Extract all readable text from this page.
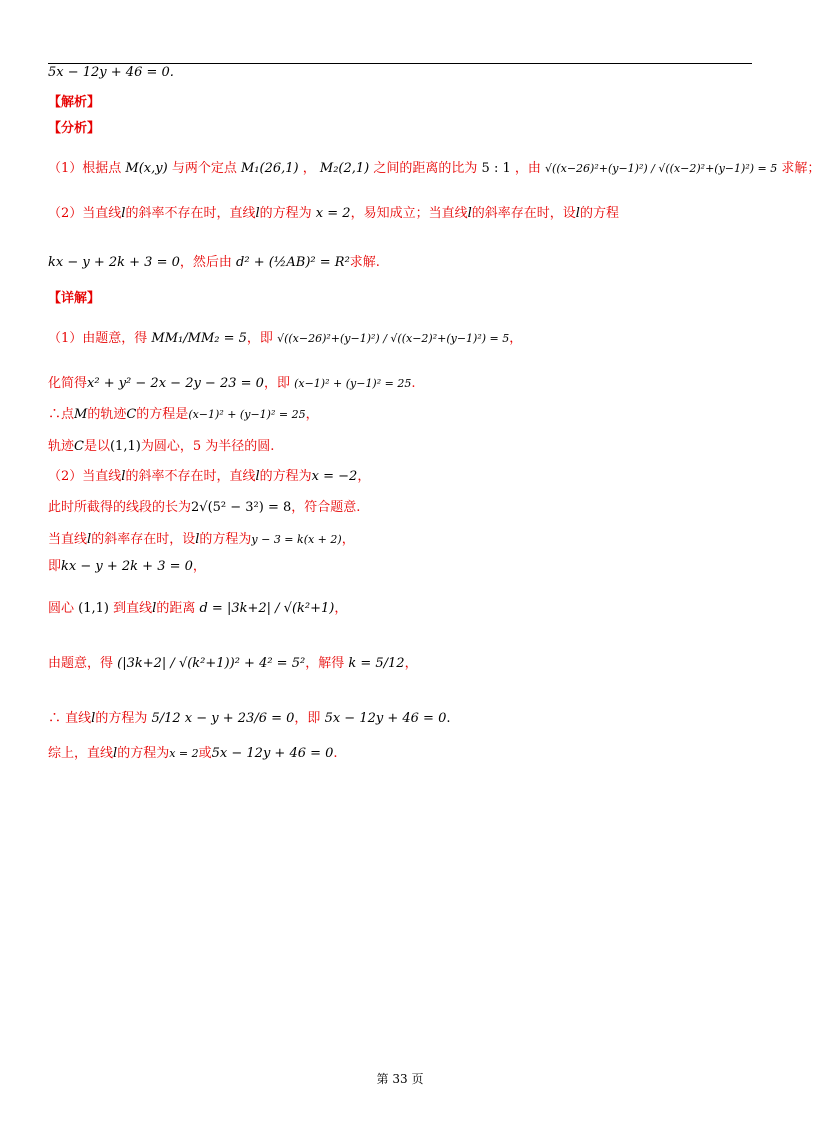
5x − 12y + 46 = 0.
【解析】
【分析】
（1）根据点 M(x,y) 与两个定点 M₁(26,1) ， M₂(2,1) 之间的距离的比为 5 : 1 ，由 √((x−26)²+(y−1)²) / √((x−2)²+(y−1)²) = 5 求解；
（2）当直线l的斜率不存在时，直线l的方程为 x = 2，易知成立；当直线l的斜率存在时，设l的方程
kx − y + 2k + 3 = 0，然后由 d² + (½AB)² = R²求解.
【详解】
（1）由题意，得 MM₁/MM₂ = 5，即 √((x−26)²+(y−1)²) / √((x−2)²+(y−1)²) = 5，
化简得x² + y² − 2x − 2y − 23 = 0，即 (x−1)² + (y−1)² = 25.
∴点M的轨迹C的方程是(x−1)² + (y−1)² = 25，
轨迹C是以(1,1)为圆心，5 为半径的圆.
（2）当直线l的斜率不存在时，直线l的方程为x = −2，
此时所截得的线段的长为2√(5² − 3²) = 8，符合题意.
当直线l的斜率存在时，设l的方程为y − 3 = k(x + 2)，
即kx − y + 2k + 3 = 0，
圆心 (1,1) 到直线l的距离 d = |3k+2| / √(k²+1)，
由题意，得 (|3k+2| / √(k²+1))² + 4² = 5²，解得 k = 5/12，
∴ 直线l的方程为 5/12 x − y + 23/6 = 0，即 5x − 12y + 46 = 0.
综上，直线l的方程为x = 2或5x − 12y + 46 = 0.
第 33 页
